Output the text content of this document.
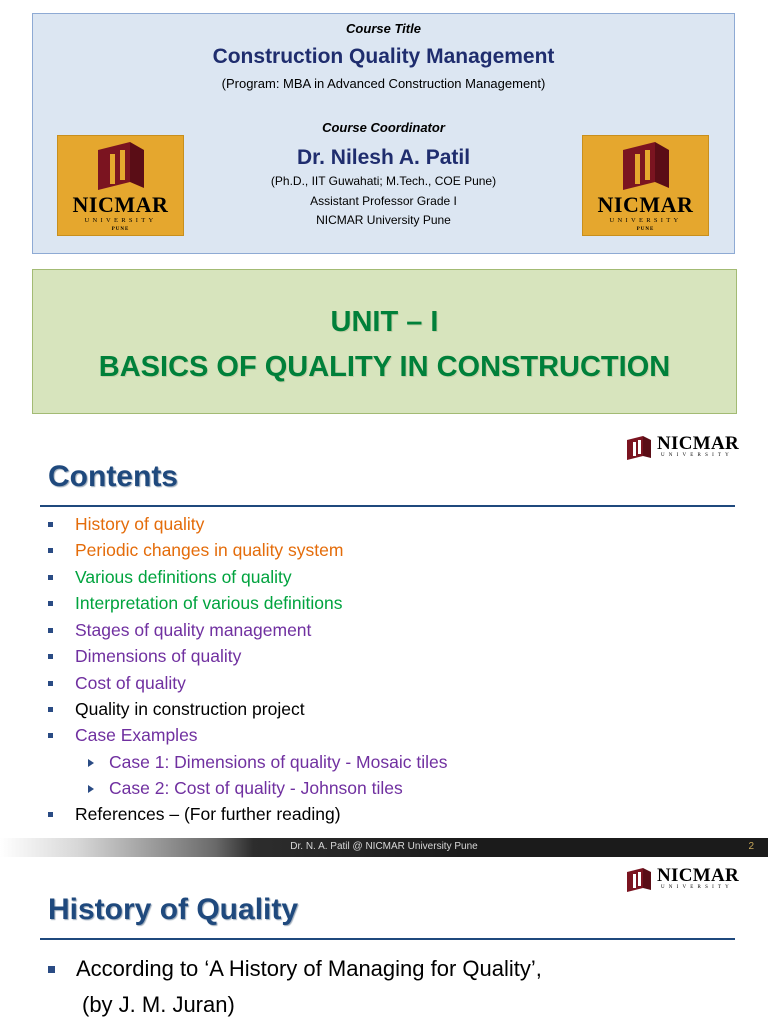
Course Title
Construction Quality Management
(Program: MBA in Advanced Construction Management)
Course Coordinator
Dr. Nilesh A. Patil
(Ph.D., IIT Guwahati; M.Tech., COE Pune)
Assistant Professor Grade I
NICMAR University Pune
NICMAR
UNIVERSITY
PUNE
NICMAR
UNIVERSITY
PUNE
UNIT – I
BASICS OF QUALITY IN CONSTRUCTION
NICMAR
UNIVERSITY
Contents
History of quality
Periodic changes in quality system
Various definitions of quality
Interpretation of various definitions
Stages of quality management
Dimensions of quality
Cost of quality
Quality in construction project
Case Examples
References – (For further reading)
Case 1: Dimensions of quality - Mosaic tiles
Case 2: Cost of quality - Johnson tiles
Dr. N. A. Patil @ NICMAR University Pune	2
NICMAR
UNIVERSITY
History of Quality
According to ‘A History of Managing for Quality’,
(by J. M. Juran)
